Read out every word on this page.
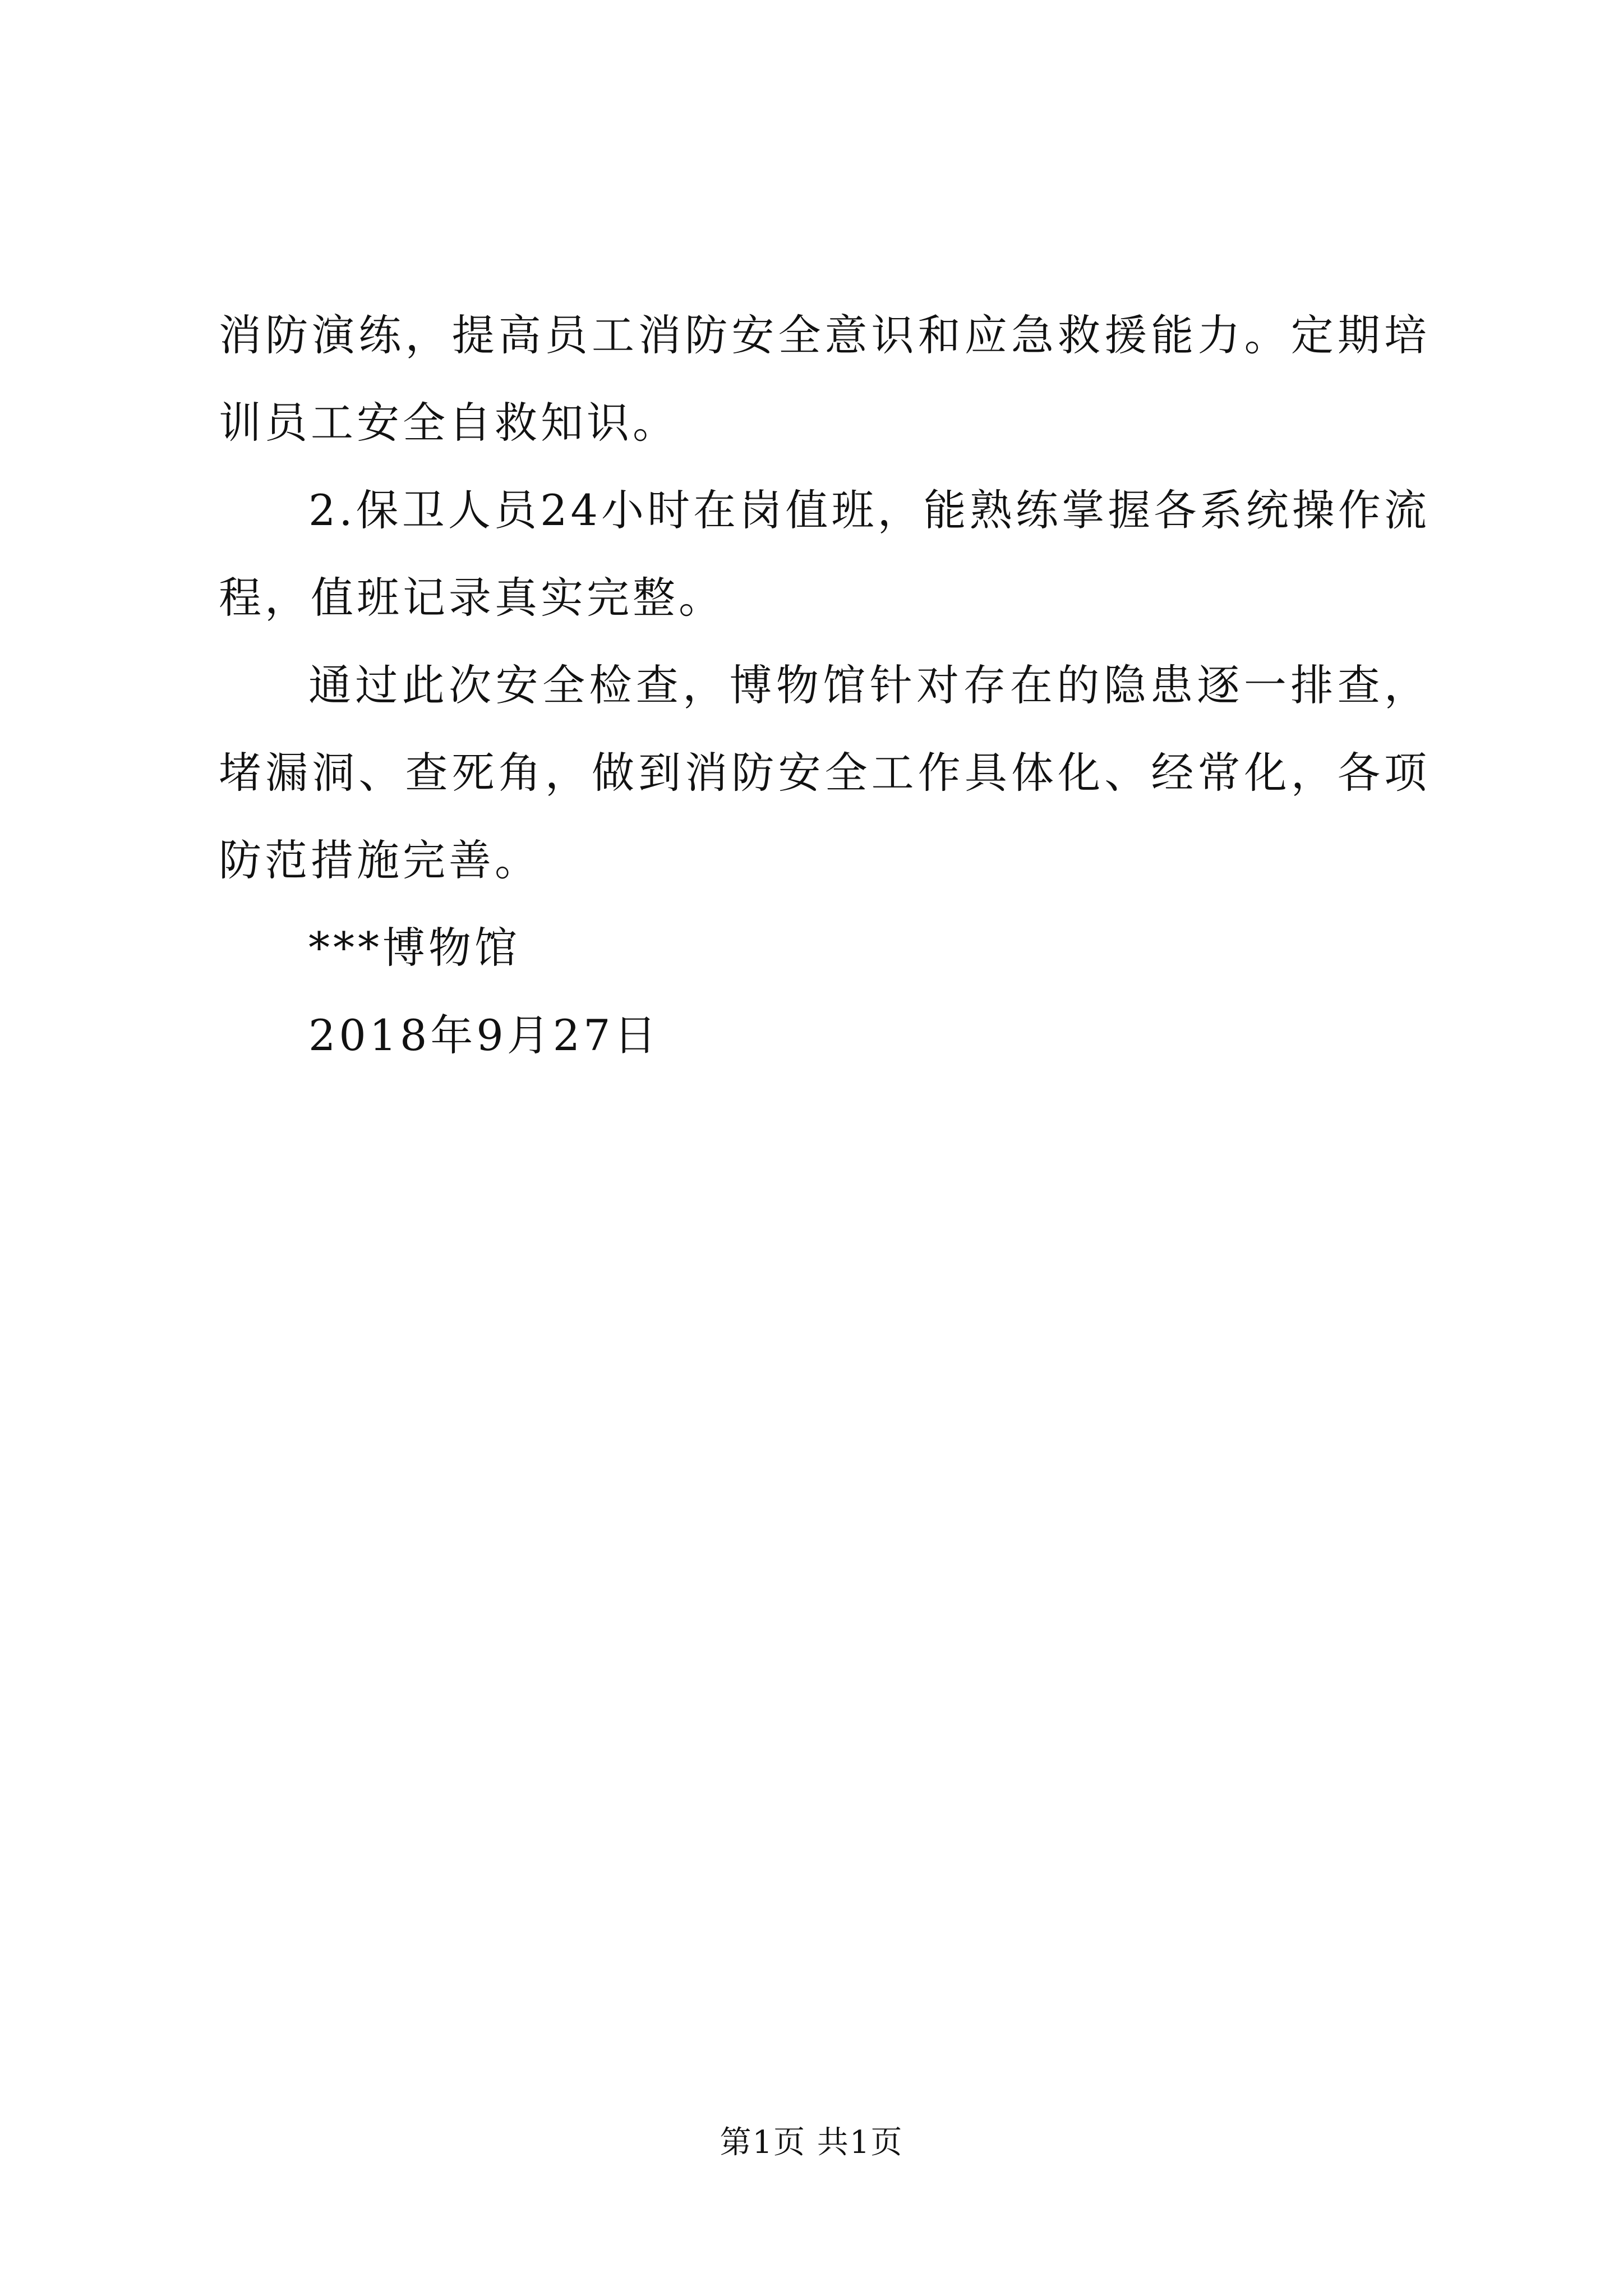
消防演练，提高员工消防安全意识和应急救援能力。定期培训员工安全自救知识。

2.保卫人员24小时在岗值班，能熟练掌握各系统操作流程，值班记录真实完整。

通过此次安全检查，博物馆针对存在的隐患逐一排查，堵漏洞、查死角，做到消防安全工作具体化、经常化，各项防范措施完善。

***博物馆

2018年9月27日

第1页 共1页
